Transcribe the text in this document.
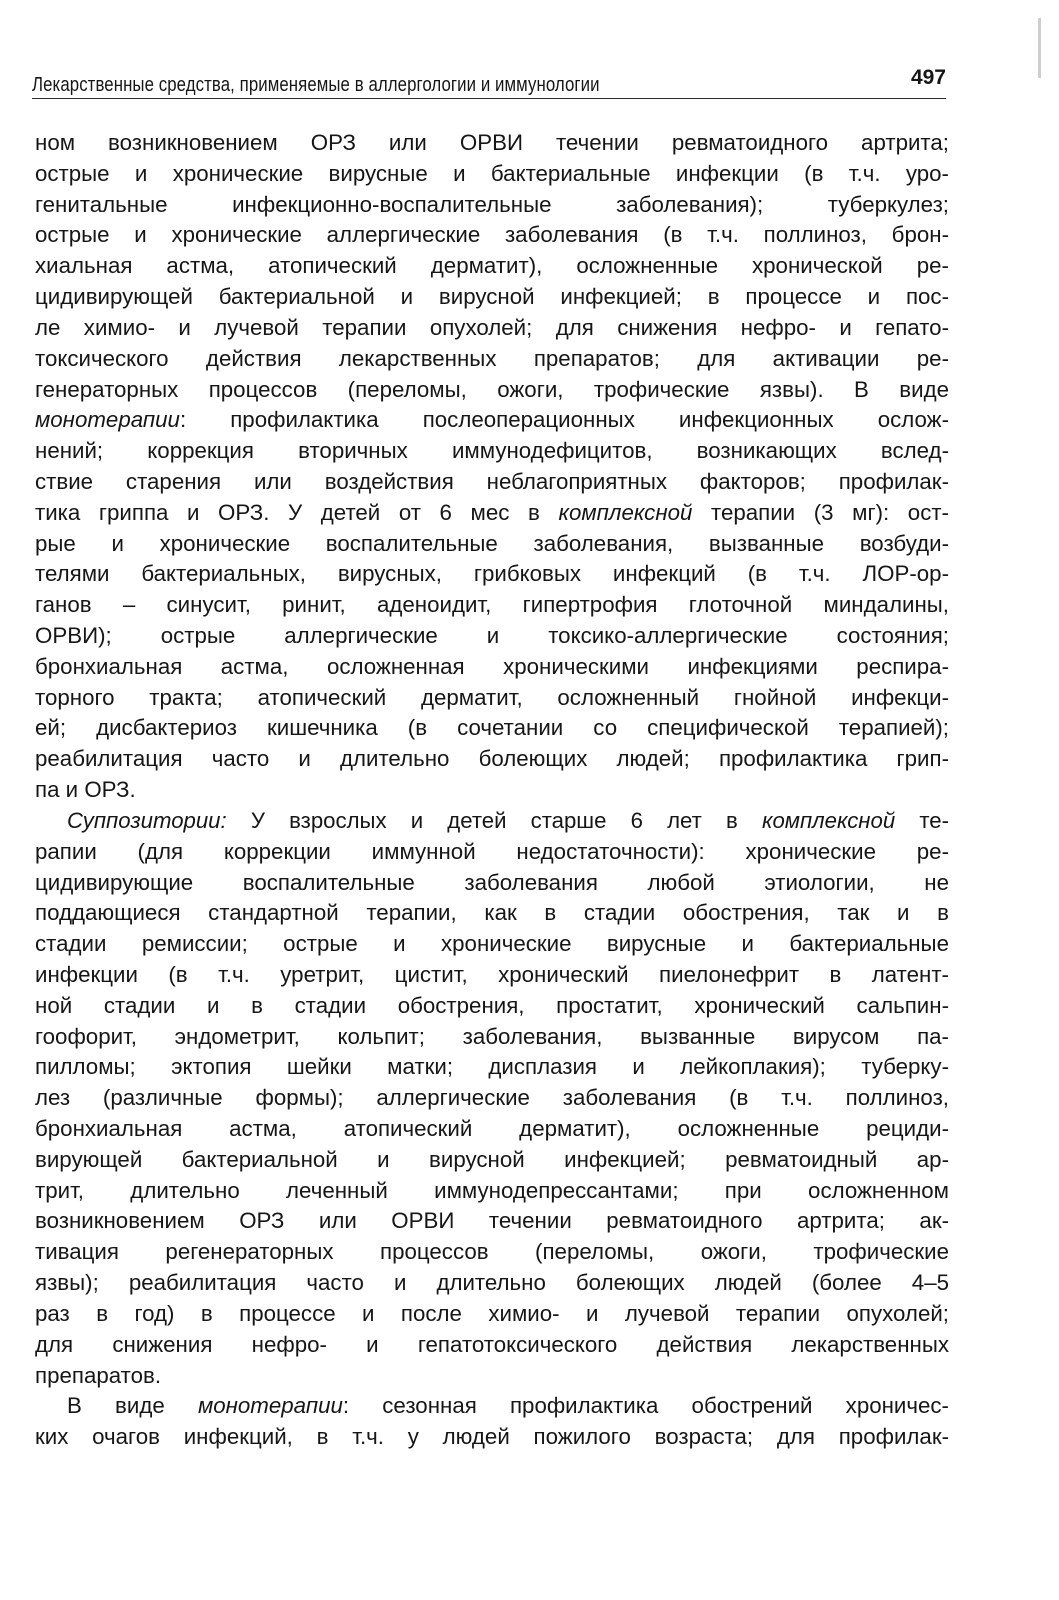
Лекарственные средства, применяемые в аллергологии и иммунологии	497
ном возникновением ОРЗ или ОРВИ течении ревматоидного артрита;
острые и хронические вирусные и бактериальные инфекции (в т.ч. уро-
генитальные инфекционно-воспалительные заболевания); туберкулез;
острые и хронические аллергические заболевания (в т.ч. поллиноз, брон-
хиальная астма, атопический дерматит), осложненные хронической ре-
цидивирующей бактериальной и вирусной инфекцией; в процессе и пос-
ле химио- и лучевой терапии опухолей; для снижения нефро- и гепато-
токсического действия лекарственных препаратов; для активации ре-
генераторных процессов (переломы, ожоги, трофические язвы). В виде
монотерапии: профилактика послеоперационных инфекционных ослож-
нений; коррекция вторичных иммунодефицитов, возникающих вслед-
ствие старения или воздействия неблагоприятных факторов; профилак-
тика гриппа и ОРЗ. У детей от 6 мес в комплексной терапии (3 мг): ост-
рые и хронические воспалительные заболевания, вызванные возбуди-
телями бактериальных, вирусных, грибковых инфекций (в т.ч. ЛОР-ор-
ганов – синусит, ринит, аденоидит, гипертрофия глоточной миндалины,
ОРВИ); острые аллергические и токсико-аллергические состояния;
бронхиальная астма, осложненная хроническими инфекциями респира-
торного тракта; атопический дерматит, осложненный гнойной инфекци-
ей; дисбактериоз кишечника (в сочетании со специфической терапией);
реабилитация часто и длительно болеющих людей; профилактика грип-
па и ОРЗ.
Суппозитории: У взрослых и детей старше 6 лет в комплексной те-
рапии (для коррекции иммунной недостаточности): хронические ре-
цидивирующие воспалительные заболевания любой этиологии, не
поддающиеся стандартной терапии, как в стадии обострения, так и в
стадии ремиссии; острые и хронические вирусные и бактериальные
инфекции (в т.ч. уретрит, цистит, хронический пиелонефрит в латент-
ной стадии и в стадии обострения, простатит, хронический сальпин-
гоофорит, эндометрит, кольпит; заболевания, вызванные вирусом па-
пилломы; эктопия шейки матки; дисплазия и лейкоплакия); туберку-
лез (различные формы); аллергические заболевания (в т.ч. поллиноз,
бронхиальная астма, атопический дерматит), осложненные рециди-
вирующей бактериальной и вирусной инфекцией; ревматоидный ар-
трит, длительно леченный иммунодепрессантами; при осложненном
возникновением ОРЗ или ОРВИ течении ревматоидного артрита; ак-
тивация регенераторных процессов (переломы, ожоги, трофические
язвы); реабилитация часто и длительно болеющих людей (более 4–5
раз в год) в процессе и после химио- и лучевой терапии опухолей;
для снижения нефро- и гепатотоксического действия лекарственных
препаратов.
В виде монотерапии: сезонная профилактика обострений хроничес-
ких очагов инфекций, в т.ч. у людей пожилого возраста; для профилак-
